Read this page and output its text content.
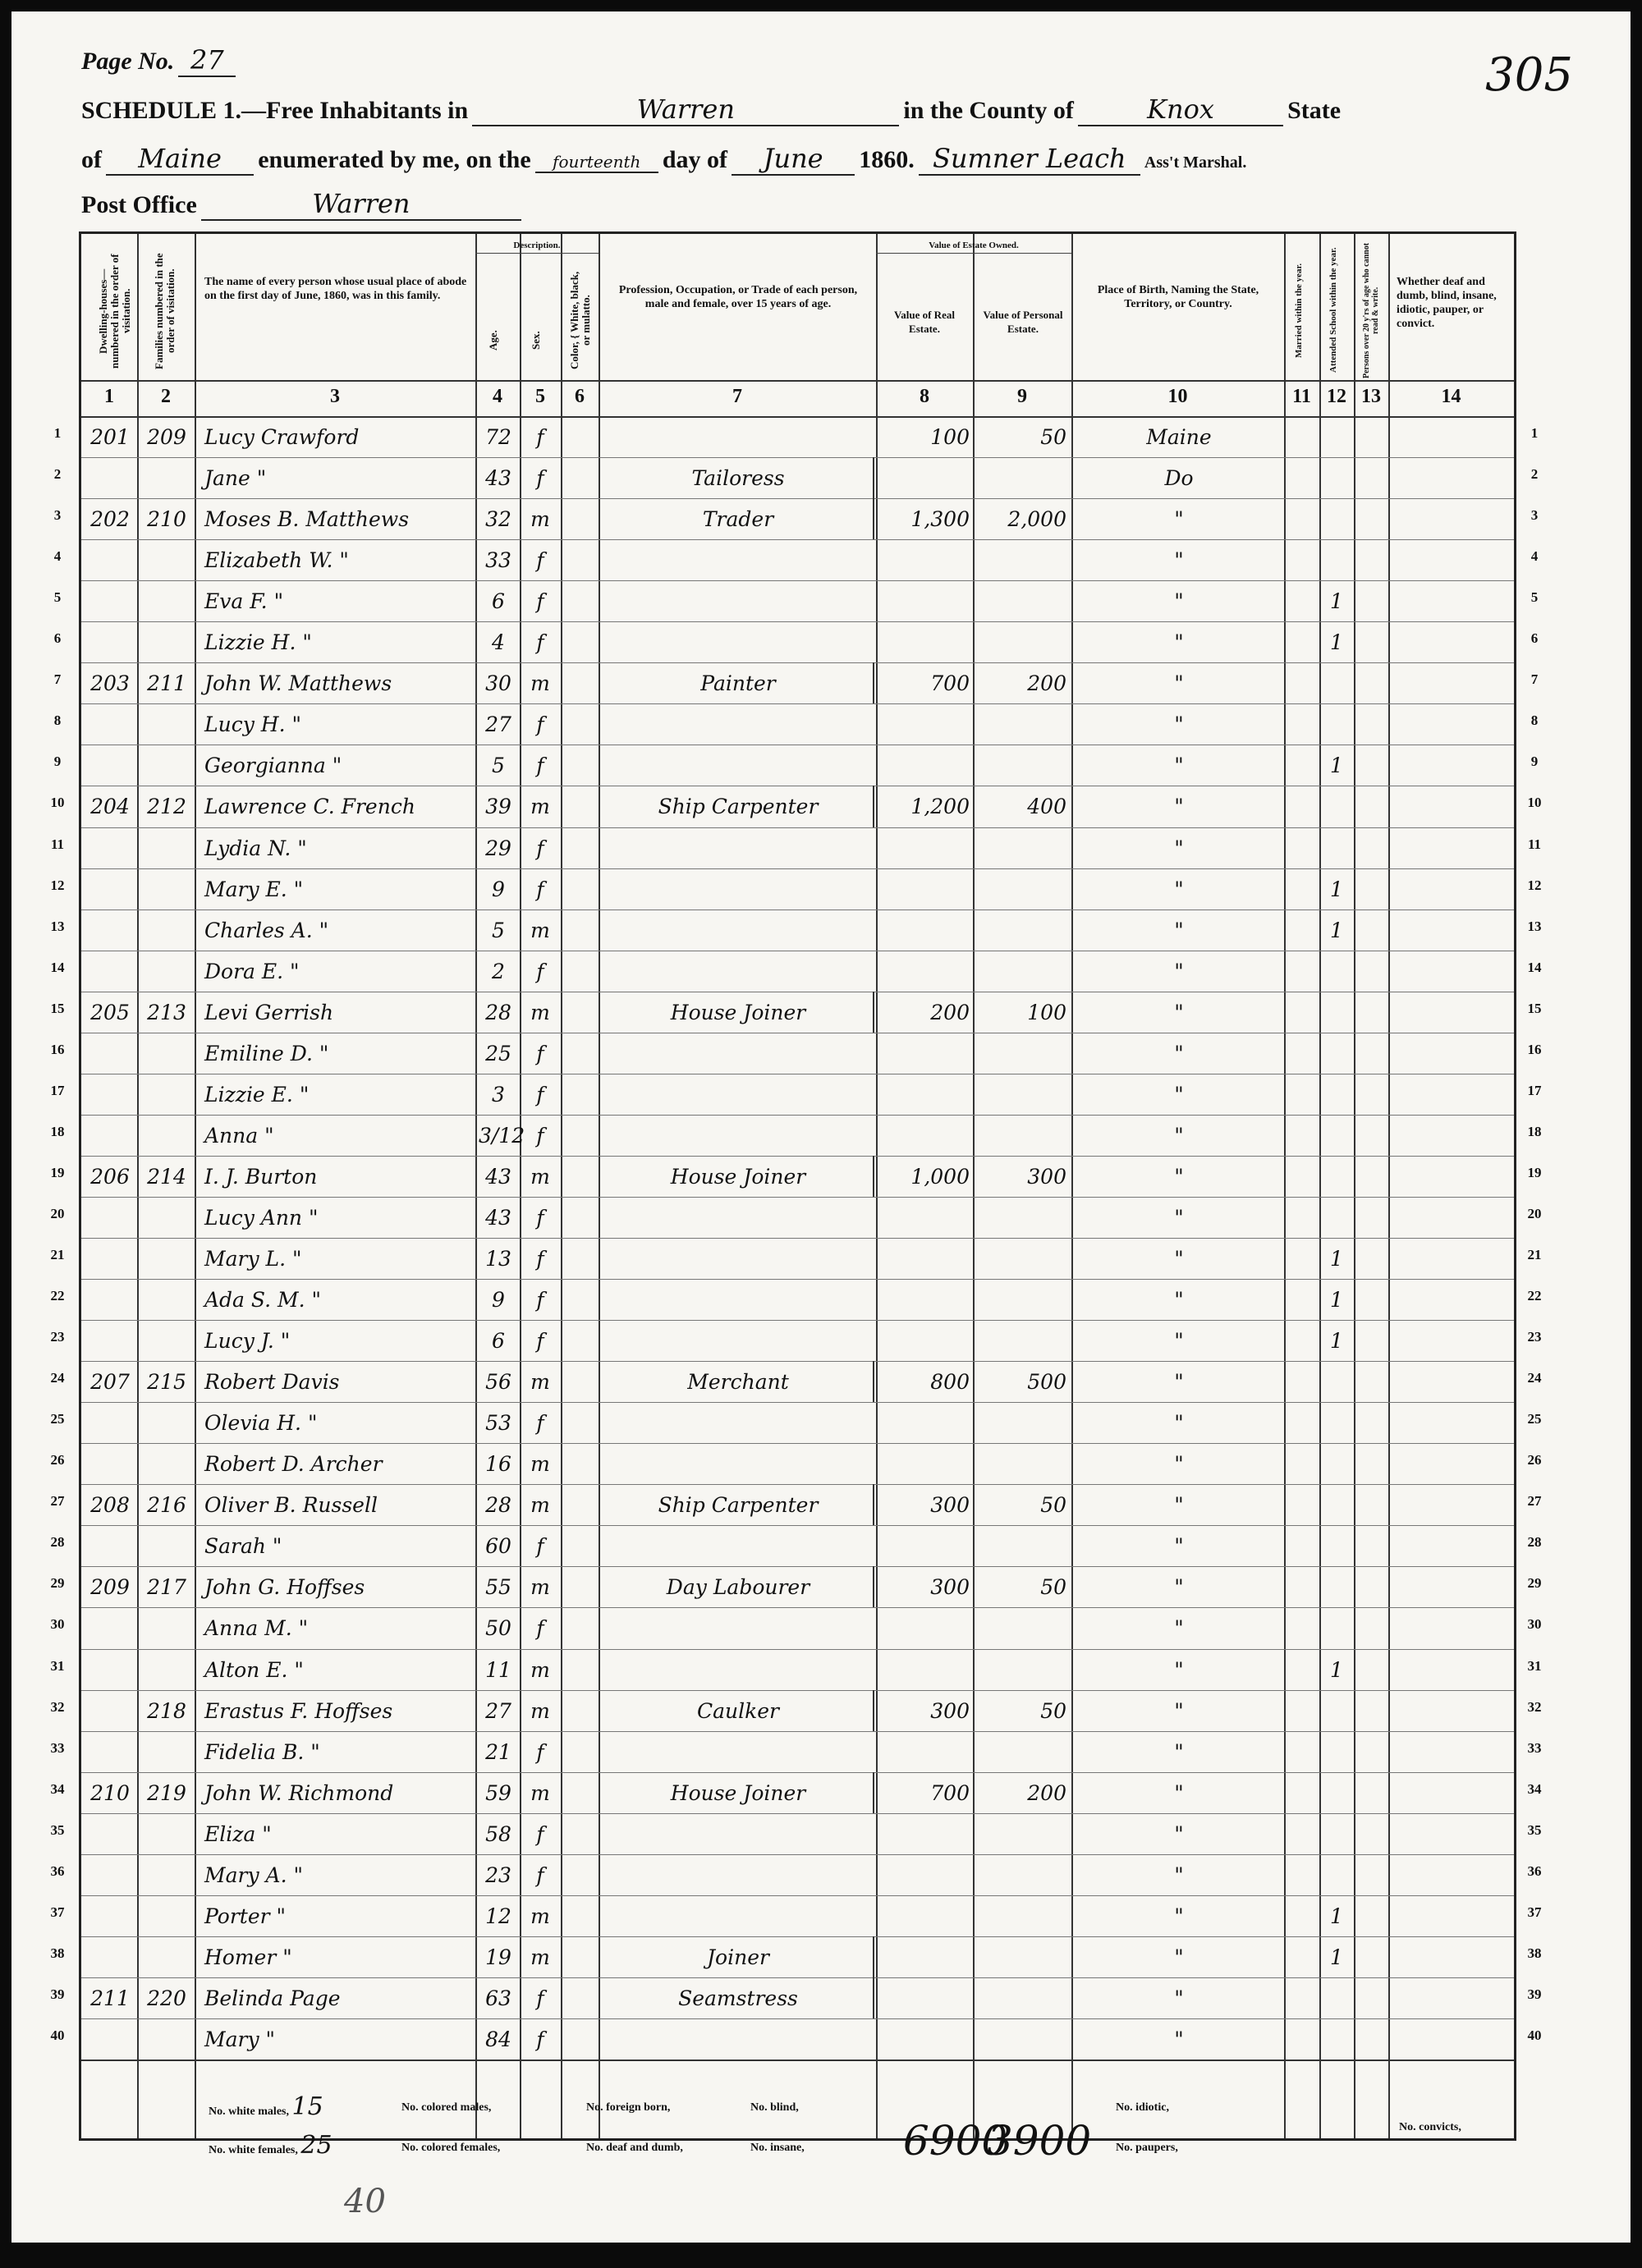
Page No. 27	305
SCHEDULE 1.—Free Inhabitants in	Warren	in the County of	Knox	State
of Maine enumerated by me, on the fourteenth day of June 1860. Sumner Leach Ass't Marshal.
Post Office	Warren
Dwelling-houses—numbered in the order of visitation. Families numbered in the order of visitation. The name of every person whose usual place of abode on the first day of June, 1860, was in this family.
Description.
Age.	Sex.	Color, { White, black, or mulatto.
Profession, Occupation, or Trade of each person, male and female, over 15 years of age.
Value of Estate Owned.
Value of Real Estate.
Value of Personal Estate.
Place of Birth, Naming the State, Territory, or Country.	Married within the year.	Attended School within the year.	Persons over 20 y'rs of age who cannot read & write.
Whether deaf and dumb, blind, insane, idiotic, pauper, or convict.
1	2	3	4	5	6	7	8	9	10	11 12 13	14
201 209 Lucy Crawford	72	f	100	50	Maine
Jane "	43	f	Tailoress	Do
202 210 Moses B. Matthews	32 m	Trader	1,300	2,000	"
Elizabeth W. "	33	f	"
Eva F. "	6	f	"	1
Lizzie H. "	4	f	"	1
203 211 John W. Matthews	30 m	Painter	700	200	"
Lucy H. "	27	f	"
Georgianna "	5	f	"	1
204 212 Lawrence C. French	39 m	Ship Carpenter	1,200	400	"
Lydia N. "	29	f	"
Mary E. "	9	f	"	1
Charles A. "	5	m	"	1
Dora E. "	2	f	"
205 213 Levi Gerrish	28 m	House Joiner	200	100	"
Emiline D. "	25	f	"
Lizzie E. "	3	f	"
Anna "	3/12 f	"
206 214 I. J. Burton	43 m	House Joiner	1,000	300	"
Lucy Ann "	43	f	"
Mary L. "	13	f	"	1
Ada S. M. "	9	f	"	1
Lucy J. "	6	f	"	1
207 215 Robert Davis	56 m	Merchant	800	500	"
Olevia H. "	53	f	"
Robert D. Archer	16 m	"
208 216 Oliver B. Russell	28 m	Ship Carpenter	300	50	"
Sarah "	60	f	"
209 217 John G. Hoffses	55 m	Day Labourer	300	50	"
Anna M. "	50	f	"
Alton E. "	11 m	"	1
218 Erastus F. Hoffses	27 m	Caulker	300	50	"
Fidelia B. "	21	f	"
210 219 John W. Richmond	59 m	House Joiner	700	200	"
Eliza "	58	f	"
Mary A. "	23	f	"
Porter "	12 m	"	1
Homer "	19 m	Joiner	"	1
211 220 Belinda Page	63	f	Seamstress	"
Mary "	84	f	"
No. white males, 15
No. white females, 25
No. colored males,
No. colored females,
No. foreign born,
No. deaf and dumb,
No. blind,
No. insane, 6900
3900
No. idiotic,
No. paupers,
No. convicts,
40
1	1
2	2
3	3
4	4
5	5
6	6
7	7
8	8
9	9
10	10
11	11
12	12
13	13
14	14
15	15
16	16
17	17
18	18
19	19
20	20
21	21
22	22
23	23
24	24
25	25
26	26
27	27
28	28
29	29
30	30
31	31
32	32
33	33
34	34
35	35
36	36
37	37
38	38
39	39
40	40
